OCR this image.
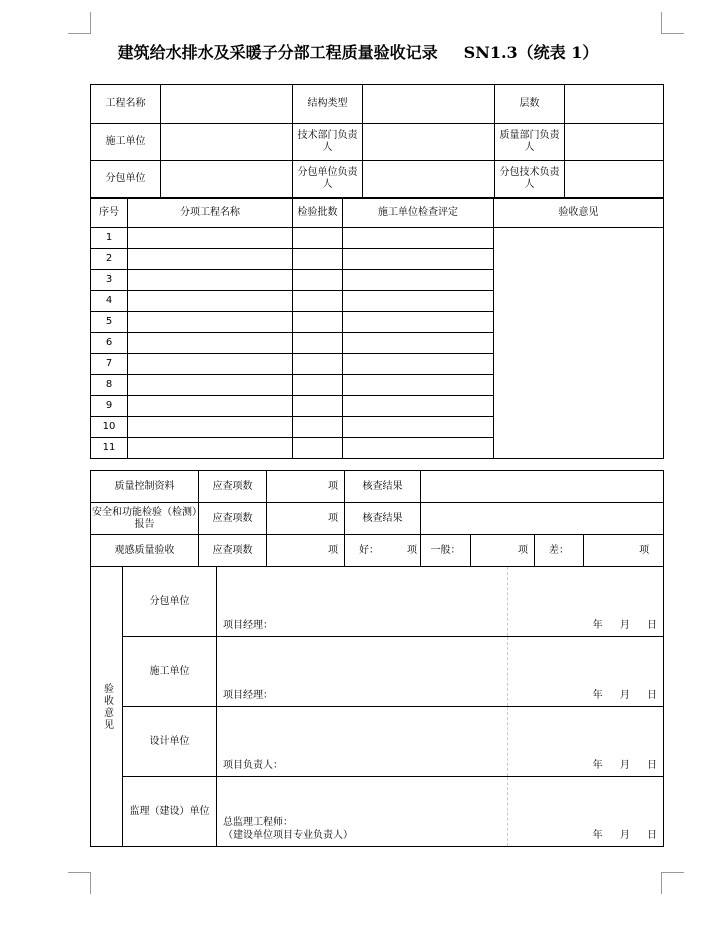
建筑给水排水及采暖子分部工程质量验收记录 SN1.3（统表 1）
工程名称		结构类型		层数	
施工单位		技术部门负责人		质量部门负责人	
分包单位		分包单位负责人		分包技术负责人	
序号	分项工程名称	检验批数	施工单位检查评定	验收意见
1				
2				
3				
4				
5				
6				
7				
8				
9				
10				
11				
质量控制资料	应查项数	项	核查结果				
安全和功能检验（检测）报告	应查项数	项	核查结果				
观感质量验收	应查项数	项	好： 项	一般：	项	差：	项
验收意见	分包单位	项目经理： 年 月 日

	施工单位	项目经理： 年 月 日

	设计单位	项目负责人： 年 月 日

	监理（建设）单位	总监理工程师：
（建设单位项目专业负责人） 年 月 日
